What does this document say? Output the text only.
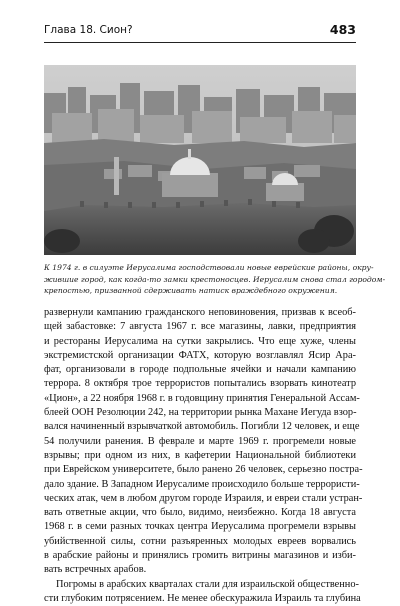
Глава 18. Сион?	483
К 1974 г. в силуэте Иерусалима господствовали новые еврейские районы, окру-
жившие город, как когда-то замки крестоносцев. Иерусалим снова стал городом-
крепостью, призванной сдерживать натиск враждебного окружения.
развернули кампанию гражданского неповиновения, призвав к всеоб-
щей забастовке: 7 августа 1967 г. все магазины, лавки, предприятия
и рестораны Иерусалима на сутки закрылись. Что еще хуже, члены
экстремистской организации ФАТХ, которую возглавлял Ясир Ара-
фат, организовали в городе подпольные ячейки и начали кампанию
террора. 8 октября трое террористов попытались взорвать кинотеатр
«Цион», а 22 ноября 1968 г. в годовщину принятия Генеральной Ассам-
блеей ООН Резолюции 242, на территории рынка Махане Иегуда взор-
вался начиненный взрывчаткой автомобиль. Погибли 12 человек, и еще
54 получили ранения. В феврале и марте 1969 г. прогремели новые
взрывы; при одном из них, в кафетерии Национальной библиотеки
при Еврейском университете, было ранено 26 человек, серьезно постра-
дало здание. В Западном Иерусалиме происходило больше террористи-
ческих атак, чем в любом другом городе Израиля, и евреи стали устран-
вать ответные акции, что было, видимо, неизбежно. Когда 18 августа
1968 г. в семи разных точках центра Иерусалима прогремели взрывы
убийственной силы, сотни разъяренных молодых евреев ворвались
в арабские районы и принялись громить витрины магазинов и изби-
вать встречных арабов.
Погромы в арабских кварталах стали для израильской общественно-
сти глубоким потрясением. Не менее обескуражила Израиль та глубина
